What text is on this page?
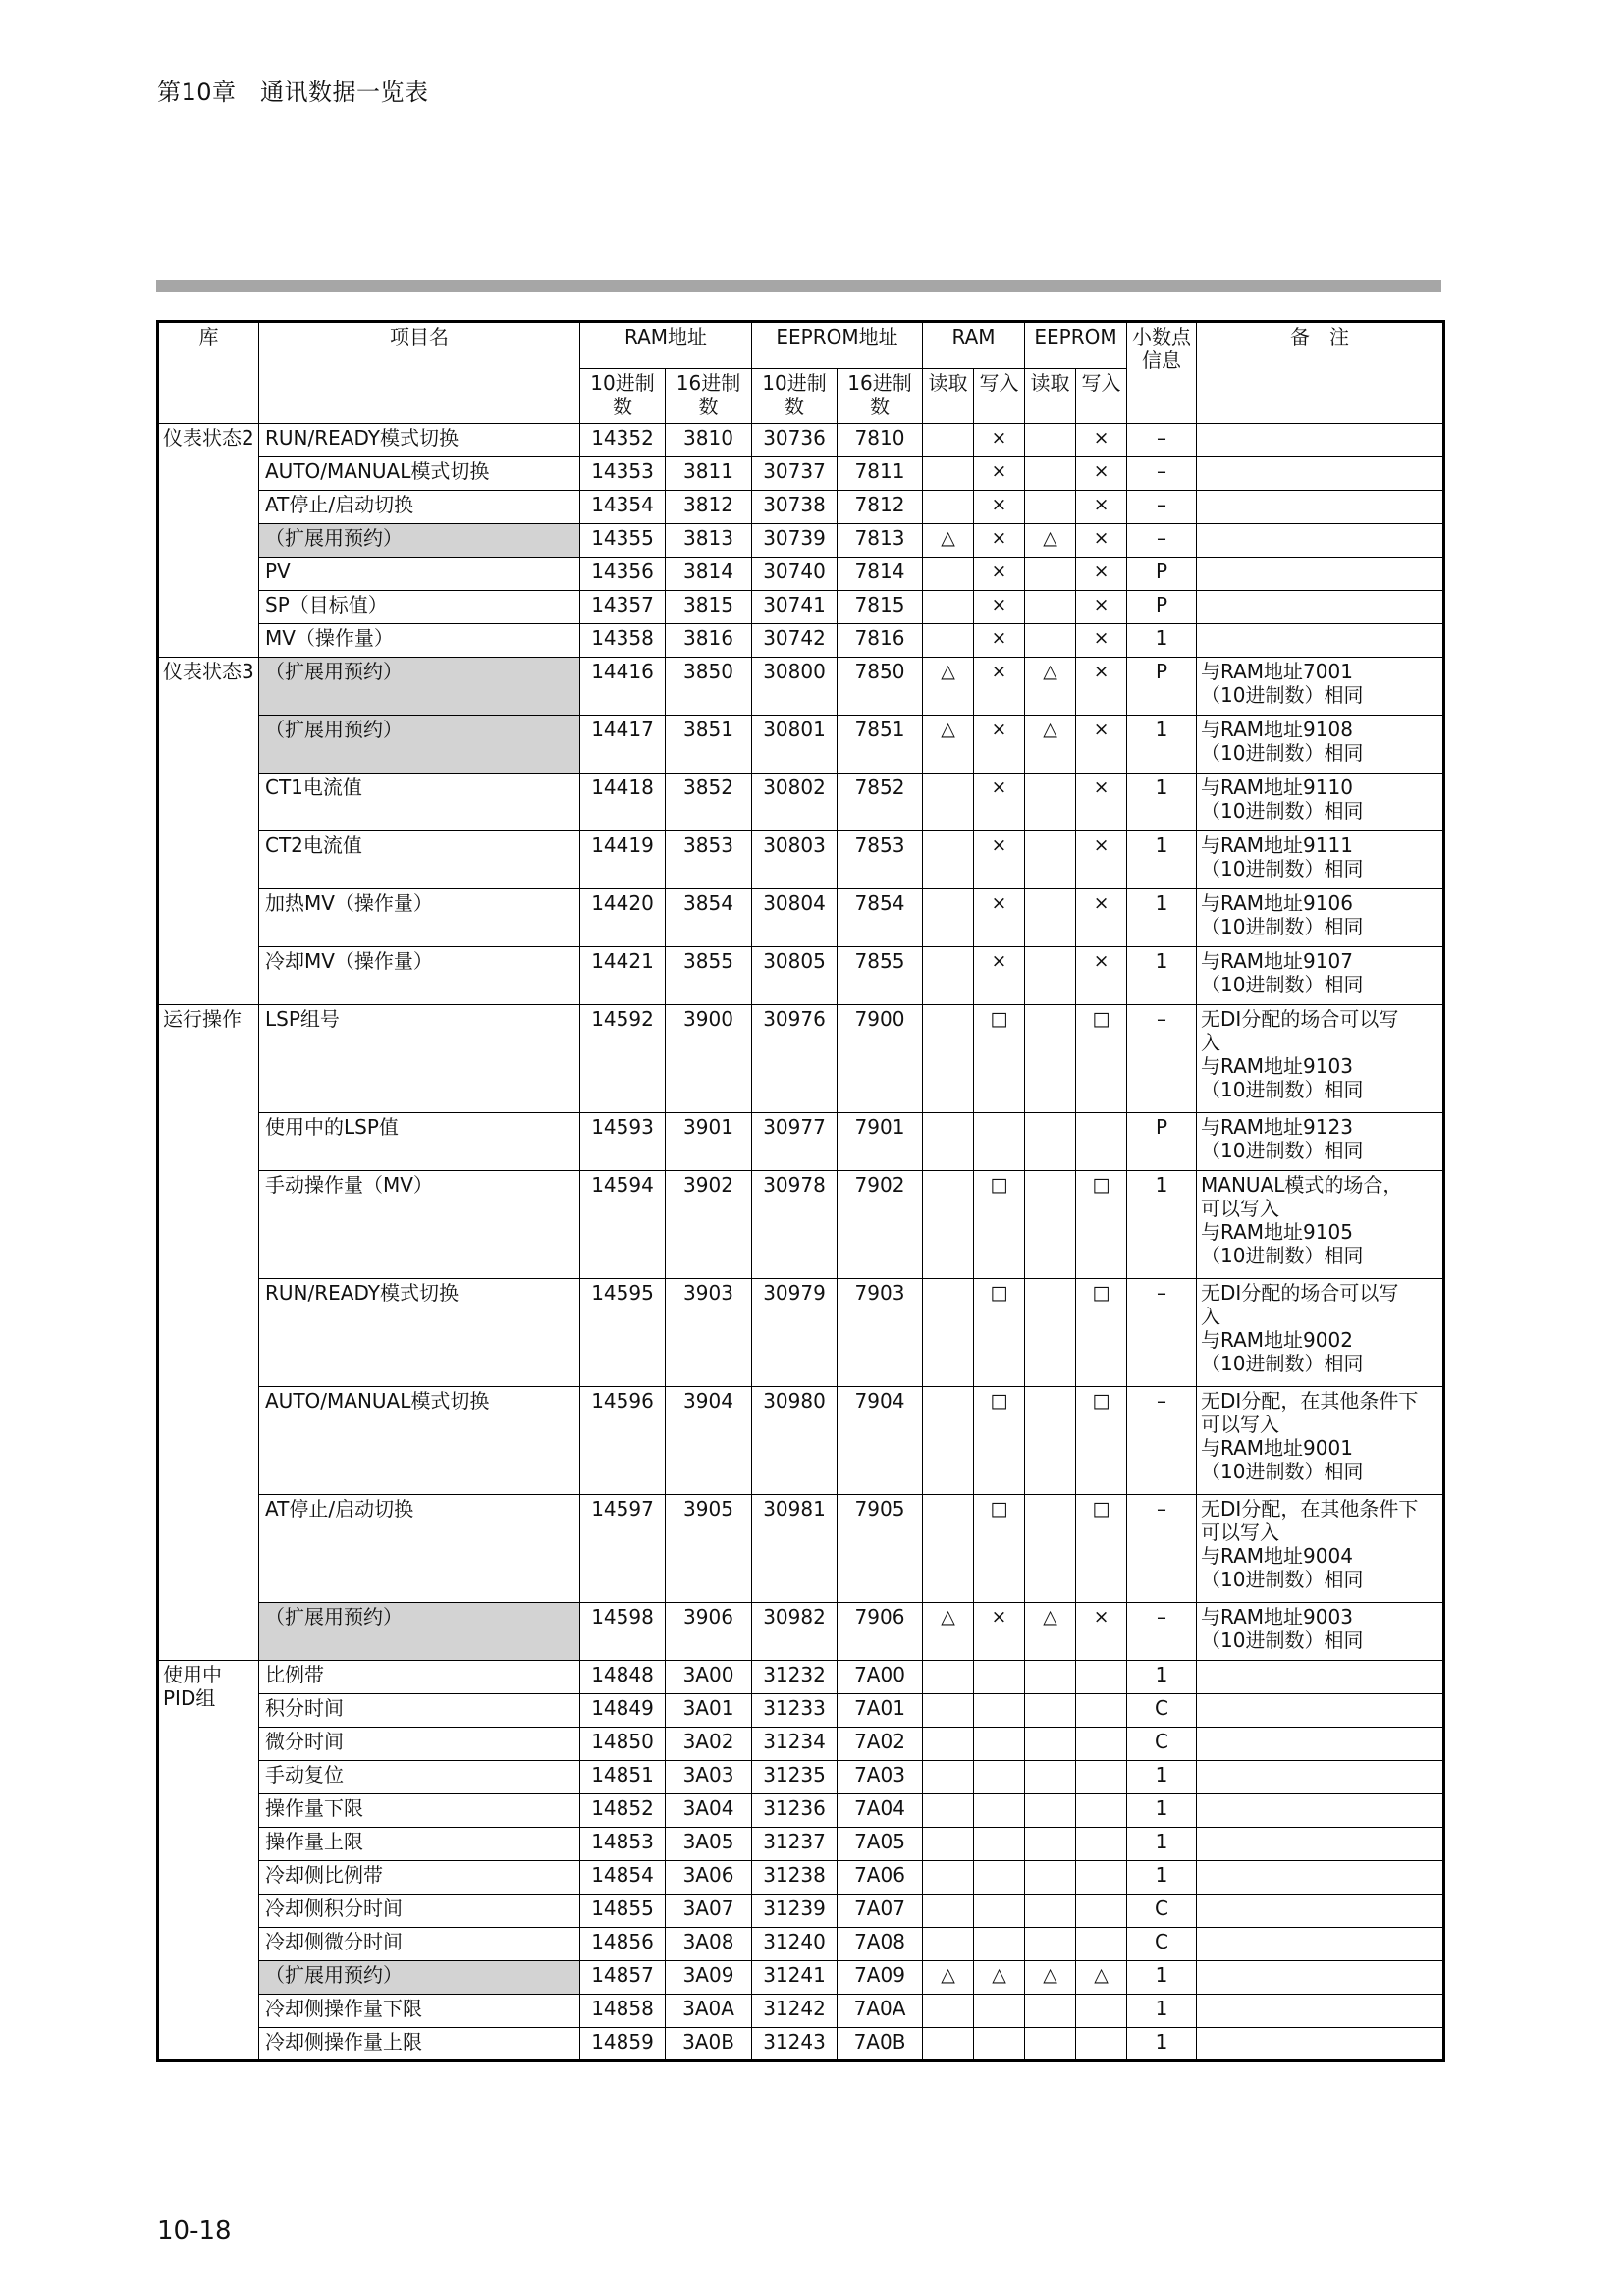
第10章　通讯数据一览表
库	项目名	RAM地址		EEPROM地址		RAM		EEPROM		小数点信息	备　注
		10进制数	16进制数	10进制数	16进制数	读取	写入	读取	写入		
仪表状态2	RUN/READY模式切换	14352	3810	30736	7810		×		×	–	
	AUTO/MANUAL模式切换	14353	3811	30737	7811		×		×	–	
	AT停止/启动切换	14354	3812	30738	7812		×		×	–	
	（扩展用预约）	14355	3813	30739	7813	△	×	△	×	–	
	PV	14356	3814	30740	7814		×		×	P	
	SP（目标值）	14357	3815	30741	7815		×		×	P	
	MV（操作量）	14358	3816	30742	7816		×		×	1	
仪表状态3	（扩展用预约）	14416	3850	30800	7850	△	×	△	×	P	与RAM地址7001
（10进制数）相同
	（扩展用预约）	14417	3851	30801	7851	△	×	△	×	1	与RAM地址9108
（10进制数）相同
	CT1电流值	14418	3852	30802	7852		×		×	1	与RAM地址9110
（10进制数）相同
	CT2电流值	14419	3853	30803	7853		×		×	1	与RAM地址9111
（10进制数）相同
	加热MV（操作量）	14420	3854	30804	7854		×		×	1	与RAM地址9106
（10进制数）相同
	冷却MV（操作量）	14421	3855	30805	7855		×		×	1	与RAM地址9107
（10进制数）相同
运行操作	LSP组号	14592	3900	30976	7900		□		□	–	无DI分配的场合可以写
入
与RAM地址9103
（10进制数）相同
	使用中的LSP值	14593	3901	30977	7901					P	与RAM地址9123
（10进制数）相同
	手动操作量（MV）	14594	3902	30978	7902		□		□	1	MANUAL模式的场合，
可以写入
与RAM地址9105
（10进制数）相同
	RUN/READY模式切换	14595	3903	30979	7903		□		□	–	无DI分配的场合可以写
入
与RAM地址9002
（10进制数）相同
	AUTO/MANUAL模式切换	14596	3904	30980	7904		□		□	–	无DI分配，在其他条件下
可以写入
与RAM地址9001
（10进制数）相同
	AT停止/启动切换	14597	3905	30981	7905		□		□	–	无DI分配，在其他条件下
可以写入
与RAM地址9004
（10进制数）相同
	（扩展用预约）	14598	3906	30982	7906	△	×	△	×	–	与RAM地址9003
（10进制数）相同
使用中
PID组	比例带	14848	3A00	31232	7A00					1	
	积分时间	14849	3A01	31233	7A01					C	
	微分时间	14850	3A02	31234	7A02					C	
	手动复位	14851	3A03	31235	7A03					1	
	操作量下限	14852	3A04	31236	7A04					1	
	操作量上限	14853	3A05	31237	7A05					1	
	冷却侧比例带	14854	3A06	31238	7A06					1	
	冷却侧积分时间	14855	3A07	31239	7A07					C	
	冷却侧微分时间	14856	3A08	31240	7A08					C	
	（扩展用预约）	14857	3A09	31241	7A09	△	△	△	△	1	
	冷却侧操作量下限	14858	3A0A	31242	7A0A					1	
	冷却侧操作量上限	14859	3A0B	31243	7A0B					1	
10-18
